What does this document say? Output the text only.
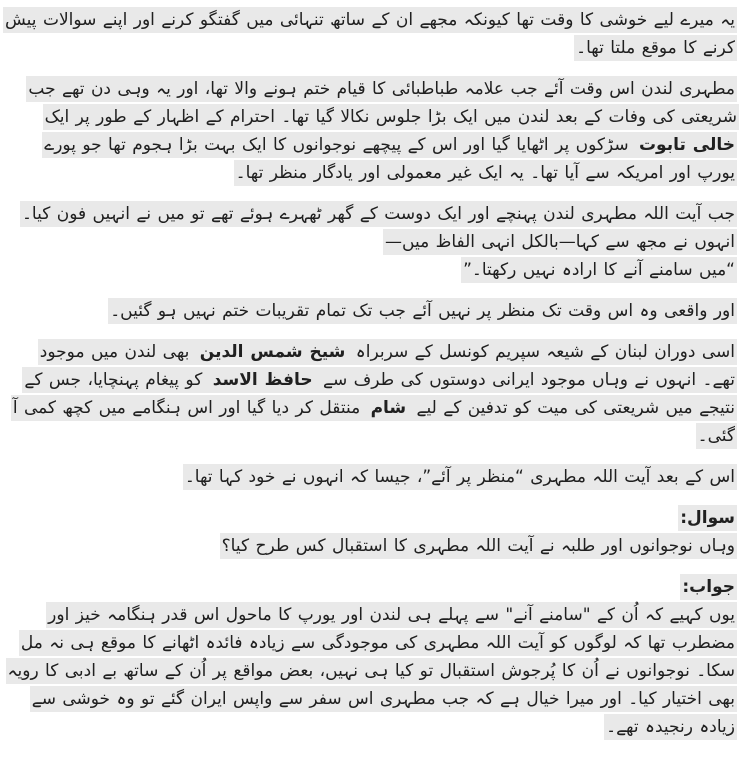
یہ میرے لیے خوشی کا وقت تھا کیونکہ مجھے ان کے ساتھ تنہائی میں گفتگو کرنے اور اپنے سوالات پیش کرنے کا موقع ملتا تھا۔

مطہری لندن اس وقت آئے جب علامہ طباطبائی کا قیام ختم ہونے والا تھا، اور یہ وہی دن تھے جب شریعتی کی وفات کے بعد لندن میں ایک بڑا جلوس نکالا گیا تھا۔ احترام کے اظہار کے طور پر ایک خالی تابوت سڑکوں پر اٹھایا گیا اور اس کے پیچھے نوجوانوں کا ایک بہت بڑا ہجوم تھا جو پورے یورپ اور امریکہ سے آیا تھا۔ یہ ایک غیر معمولی اور یادگار منظر تھا۔

جب آیت اللہ مطہری لندن پہنچے اور ایک دوست کے گھر ٹھہرے ہوئے تھے تو میں نے انہیں فون کیا۔ انہوں نے مجھ سے کہا—بالکل انہی الفاظ میں—
“میں سامنے آنے کا ارادہ نہیں رکھتا۔”

اور واقعی وہ اس وقت تک منظر پر نہیں آئے جب تک تمام تقریبات ختم نہیں ہو گئیں۔

اسی دوران لبنان کے شیعہ سپریم کونسل کے سربراہ شیخ شمس الدین بھی لندن میں موجود تھے۔ انہوں نے وہاں موجود ایرانی دوستوں کی طرف سے حافظ الاسد کو پیغام پہنچایا، جس کے نتیجے میں شریعتی کی میت کو تدفین کے لیے شام منتقل کر دیا گیا اور اس ہنگامے میں کچھ کمی آ گئی۔

اس کے بعد آیت اللہ مطہری “منظر پر آئے”، جیسا کہ انہوں نے خود کہا تھا۔

سوال:
وہاں نوجوانوں اور طلبہ نے آیت اللہ مطہری کا استقبال کس طرح کیا؟

جواب:
یوں کہیے کہ اُن کے "سامنے آنے" سے پہلے ہی لندن اور یورپ کا ماحول اس قدر ہنگامہ خیز اور مضطرب تھا کہ لوگوں کو آیت اللہ مطہری کی موجودگی سے زیادہ فائدہ اٹھانے کا موقع ہی نہ مل سکا۔ نوجوانوں نے اُن کا پُرجوش استقبال تو کیا ہی نہیں، بعض مواقع پر اُن کے ساتھ بے ادبی کا رویہ بھی اختیار کیا۔ اور میرا خیال ہے کہ جب مطہری اس سفر سے واپس ایران گئے تو وہ خوشی سے زیادہ رنجیدہ تھے۔
